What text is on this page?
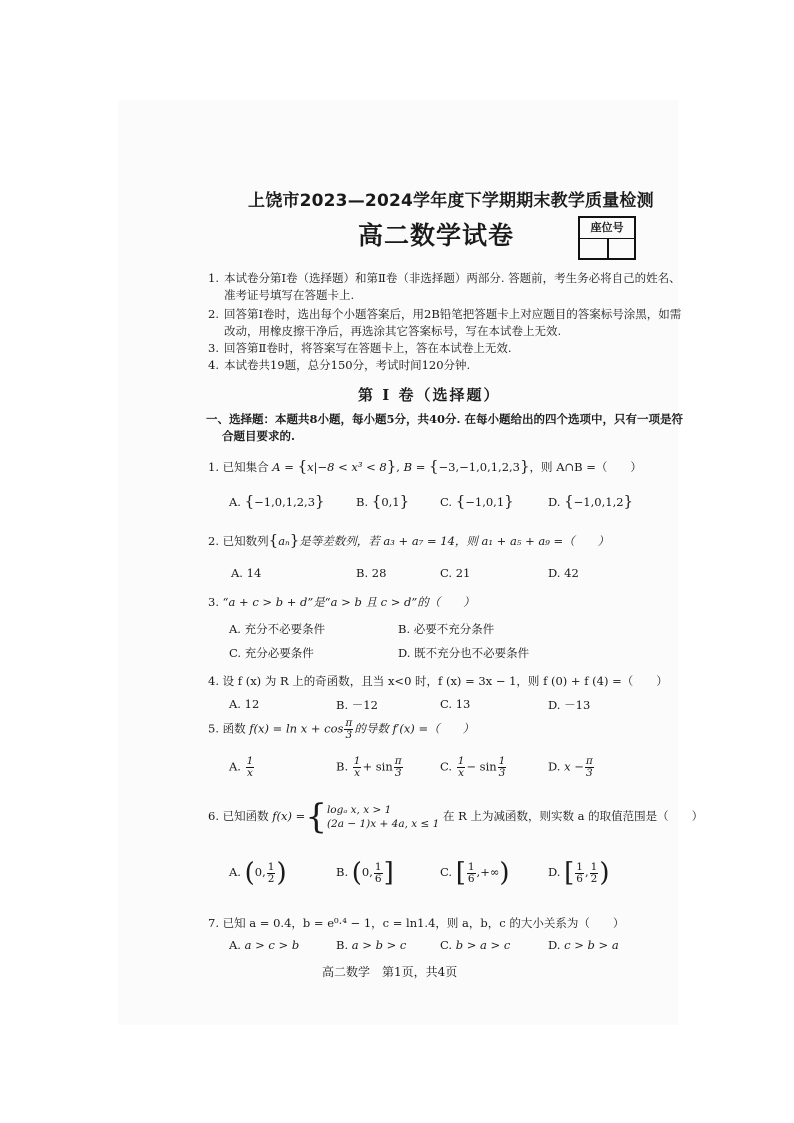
上饶市2023—2024学年度下学期期末教学质量检测
高二数学试卷	座位号
1. 本试卷分第Ⅰ卷（选择题）和第Ⅱ卷（非选择题）两部分. 答题前，考生务必将自己的姓名、
准考证号填写在答题卡上.
2. 回答第Ⅰ卷时，选出每个小题答案后，用2B铅笔把答题卡上对应题目的答案标号涂黑，如需
改动，用橡皮擦干净后，再选涂其它答案标号，写在本试卷上无效.
3. 回答第Ⅱ卷时，将答案写在答题卡上，答在本试卷上无效.
4. 本试卷共19题，总分150分，考试时间120分钟.
第 Ⅰ 卷（选择题）
一、选择题：本题共8小题，每小题5分，共40分. 在每小题给出的四个选项中，只有一项是符
合题目要求的.
1. 已知集合 A = {x|−8 < x³ < 8}, B = {−3,−1,0,1,2,3}，则 A∩B =（　　）
A. {−1,0,1,2,3}	B. {0,1}	C. {−1,0,1}	D. {−1,0,1,2}
2. 已知数列{aₙ}是等差数列，若 a₃ + a₇ = 14，则 a₁ + a₅ + a₉ =（　　）
A. 14	B. 28	C. 21	D. 42
3. “a + c > b + d”是“a > b 且 c > d”的（　　）
A. 充分不必要条件	B. 必要不充分条件
C. 充分必要条件	D. 既不充分也不必要条件
4. 设 f (x) 为 R 上的奇函数，且当 x<0 时，f (x) = 3x − 1，则 f (0) + f (4) =（　　）
A. 12	B. －12	C. 13	D. －13
5. 函数 $f(x) = \ln x + \cos \frac{\pi}{3}$ 的导数 f′(x) =（　　）
A. $\frac{1}{x}$	B. $\frac{1}{x} + \sin \frac{\pi}{3}$	C. $\frac{1}{x} - \sin \frac{1}{3}$	D. $x - \frac{\pi}{3}$
6. 已知函数 f(x) ={ logₐ x, x > 1
(2a − 1)x + 4a, x ≤ 1
在 R 上为减函数，则实数 a 的取值范围是（　　）
A. (0, $\frac{1}{2}$ )	B. (0, $\frac{1}{6}$ ]	C. [ $\frac{1}{6}$ ,+∞)	D. [ $\frac{1}{6}$ , $\frac{1}{2}$ )
7. 已知 a = 0.4，b = e⁰·⁴ − 1，c = ln1.4，则 a，b，c 的大小关系为（　　）
A. a > c > b	B. a > b > c	C. b > a > c	D. c > b > a
高二数学　第1页，共4页
